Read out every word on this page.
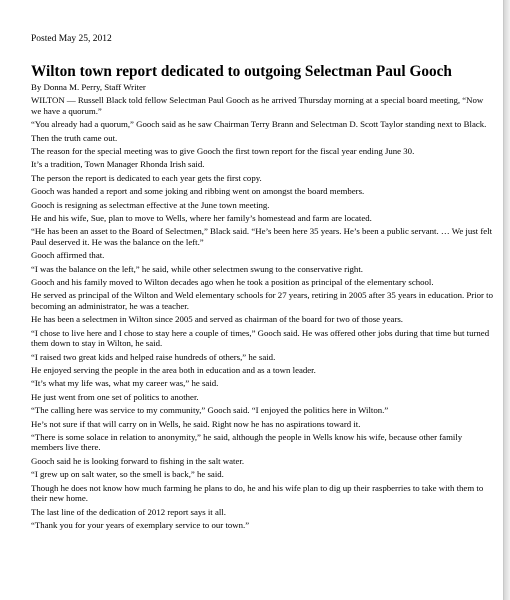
Posted May 25, 2012
Wilton town report dedicated to outgoing Selectman Paul Gooch

By Donna M. Perry, Staff Writer

WILTON — Russell Black told fellow Selectman Paul Gooch as he arrived Thursday morning at a special board meeting, “Now we have a quorum.”

“You already had a quorum,” Gooch said as he saw Chairman Terry Brann and Selectman D. Scott Taylor standing next to Black.

Then the truth came out.

The reason for the special meeting was to give Gooch the first town report for the fiscal year ending June 30.

It’s a tradition, Town Manager Rhonda Irish said.

The person the report is dedicated to each year gets the first copy.

Gooch was handed a report and some joking and ribbing went on amongst the board members.

Gooch is resigning as selectman effective at the June town meeting.

He and his wife, Sue, plan to move to Wells, where her family’s homestead and farm are located.

“He has been an asset to the Board of Selectmen,” Black said. “He’s been here 35 years. He’s been a public servant. … We just felt Paul deserved it. He was the balance on the left.”

Gooch affirmed that.

“I was the balance on the left,” he said, while other selectmen swung to the conservative right.

Gooch and his family moved to Wilton decades ago when he took a position as principal of the elementary school.

He served as principal of the Wilton and Weld elementary schools for 27 years, retiring in 2005 after 35 years in education. Prior to becoming an administrator, he was a teacher.

He has been a selectmen in Wilton since 2005 and served as chairman of the board for two of those years.

“I chose to live here and I chose to stay here a couple of times,” Gooch said. He was offered other jobs during that time but turned them down to stay in Wilton, he said.

“I raised two great kids and helped raise hundreds of others,” he said.

He enjoyed serving the people in the area both in education and as a town leader.

“It’s what my life was, what my career was,” he said.

He just went from one set of politics to another.

“The calling here was service to my community,” Gooch said. “I enjoyed the politics here in Wilton.”

He’s not sure if that will carry on in Wells, he said. Right now he has no aspirations toward it.

“There is some solace in relation to anonymity,” he said, although the people in Wells know his wife, because other family members live there.

Gooch said he is looking forward to fishing in the salt water.

“I grew up on salt water, so the smell is back,” he said.

Though he does not know how much farming he plans to do, he and his wife plan to dig up their raspberries to take with them to their new home.

The last line of the dedication of 2012 report says it all.

“Thank you for your years of exemplary service to our town.”
